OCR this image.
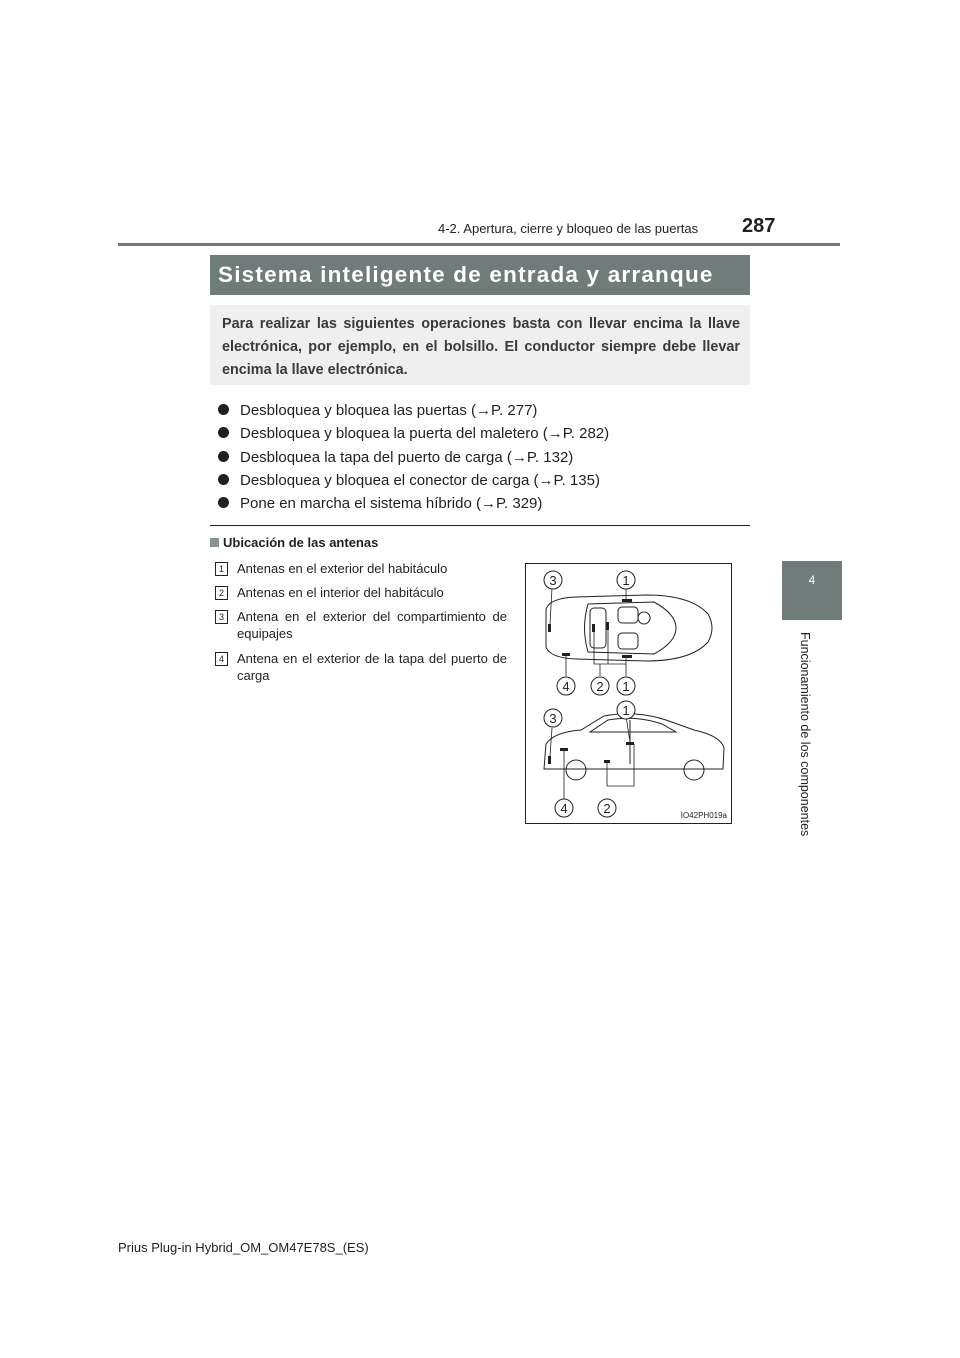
4-2. Apertura, cierre y bloqueo de las puertas 287
4
Funcionamiento de los componentes
Sistema inteligente de entrada y arranque
Para realizar las siguientes operaciones basta con llevar encima la llave electrónica, por ejemplo, en el bolsillo. El conductor siempre debe llevar encima la llave electrónica.
Desbloquea y bloquea las puertas (→P. 277)
Desbloquea y bloquea la puerta del maletero (→P. 282)
Desbloquea la tapa del puerto de carga (→P. 132)
Desbloquea y bloquea el conector de carga (→P. 135)
Pone en marcha el sistema híbrido (→P. 329)
Ubicación de las antenas
1	Antenas en el exterior del habitáculo
2	Antenas en el interior del habitáculo
3	Antena en el exterior del compartimiento de equipajes
4	Antena en el exterior de la tapa del puerto de carga
3	1
4 2 1
3
1
4	2	IO42PH019a
Prius Plug-in Hybrid_OM_OM47E78S_(ES)
